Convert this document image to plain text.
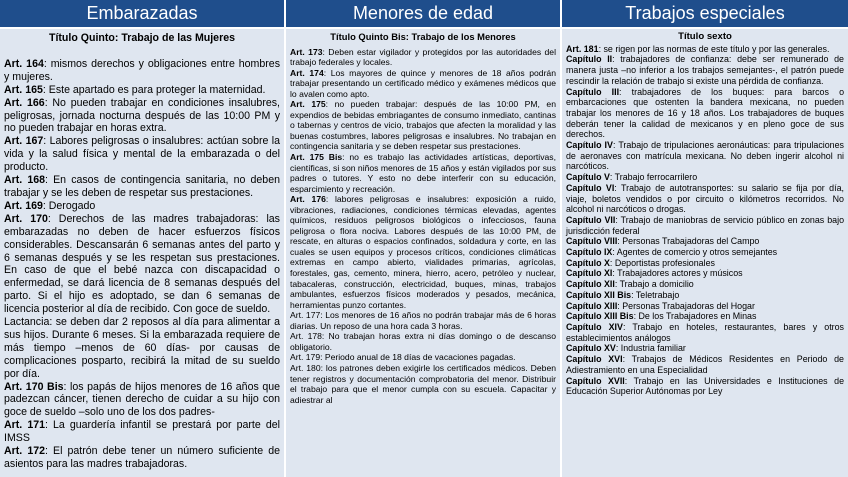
Embarazadas
Título Quinto: Trabajo de las Mujeres

Art. 164: mismos derechos y obligaciones entre hombres y mujeres.

Art. 165: Este apartado es para proteger la maternidad.

Art. 166: No pueden trabajar en condiciones insalubres, peligrosas, jornada nocturna después de las 10:00 PM y no pueden trabajar en horas extra.

Art. 167: Labores peligrosas o insalubres: actúan sobre la vida y la salud física y mental de la embarazada o del producto.

Art. 168: En casos de contingencia sanitaria, no deben trabajar y se les deben de respetar sus prestaciones.

Art. 169: Derogado

Art. 170: Derechos de las madres trabajadoras: las embarazadas no deben de hacer esfuerzos físicos considerables. Descansarán 6 semanas antes del parto y 6 semanas después y se les respetan sus prestaciones. En caso de que el bebé nazca con discapacidad o enfermedad, se dará licencia de 8 semanas después del parto. Si el hijo es adoptado, se dan 6 semanas de licencia posterior al día de recibido. Con goce de sueldo.

Lactancia: se deben dar 2 reposos al día para alimentar a sus hijos. Durante 6 meses. Si la embarazada requiere de más tiempo –menos de 60 días- por causas de complicaciones posparto, recibirá la mitad de su sueldo por día.

Art. 170 Bis: los papás de hijos menores de 16 años que padezcan cáncer, tienen derecho de cuidar a su hijo con goce de sueldo –solo uno de los dos padres-

Art. 171: La guardería infantil se prestará por parte del IMSS

Art. 172: El patrón debe tener un número suficiente de asientos para las madres trabajadoras.

Menores de edad
Título Quinto Bis: Trabajo de los Menores

Art. 173: Deben estar vigilador y protegidos por las autoridades del trabajo federales y locales.

Art. 174: Los mayores de quince y menores de 18 años podrán trabajar presentando un certificado médico y exámenes médicos que lo avalen como apto.

Art. 175: no pueden trabajar: después de las 10:00 PM, en expendios de bebidas embriagantes de consumo inmediato, cantinas o tabernas y centros de vicio, trabajos que afecten la moralidad y las buenas costumbres, labores peligrosas e insalubres. No trabajan en contingencia sanitaria y se deben respetar sus prestaciones.

Art. 175 Bis: no es trabajo las actividades artísticas, deportivas, científicas, si son niños menores de 15 años y están vigilados por sus padres o tutores. Y esto no debe interferir con su educación, esparcimiento y recreación.

Art. 176: labores peligrosas e insalubres: exposición a ruido, vibraciones, radiaciones, condiciones térmicas elevadas, agentes químicos, residuos peligrosos biológicos o infecciosos, fauna peligrosa o flora nociva. Labores después de las 10:00 PM, de rescate, en alturas o espacios confinados, soldadura y corte, en las cuales se usen equipos y procesos críticos, condiciones climáticas extremas en campo abierto, vialidades primarias, agrícolas, forestales, gas, cemento, minera, hierro, acero, petróleo y nuclear, tabacaleras, construcción, electricidad, buques, minas, trabajos ambulantes, esfuerzos físicos moderados y pesados, mecánica, herramientas punzo cortantes.

Art. 177: Los menores de 16 años no podrán trabajar más de 6 horas diarias. Un reposo de una hora cada 3 horas.

Art. 178: No trabajan horas extra ni días domingo o de descanso obligatorio.

Art. 179: Periodo anual de 18 días de vacaciones pagadas.

Art. 180: los patrones deben exigirle los certificados médicos. Deben tener registros y documentación comprobatoria del menor. Distribuir el trabajo para que el menor cumpla con su escuela. Capacitar y adiestrar al

Trabajos especiales
Título sexto

Art. 181: se rigen por las normas de este título y por las generales.

Capítulo II: trabajadores de confianza: debe ser remunerado de manera justa –no inferior a los trabajos semejantes-, el patrón puede rescindir la relación de trabajo si existe una pérdida de confianza.

Capítulo III: trabajadores de los buques: para barcos o embarcaciones que ostenten la bandera mexicana, no pueden trabajar los menores de 16 y 18 años. Los trabajadores de buques deberán tener la calidad de mexicanos y en pleno goce de sus derechos.

Capítulo IV: Trabajo de tripulaciones aeronáuticas: para tripulaciones de aeronaves con matrícula mexicana. No deben ingerir alcohol ni narcóticos.

Capítulo V: Trabajo ferrocarrilero

Capítulo VI: Trabajo de autotransportes: su salario se fija por día, viaje, boletos vendidos o por circuito o kilómetros recorridos. No alcohol ni narcóticos o drogas.

Capítulo VII: Trabajo de maniobras de servicio público en zonas bajo jurisdicción federal

Capítulo VIII: Personas Trabajadoras del Campo

Capítulo IX: Agentes de comercio y otros semejantes

Capítulo X: Deportistas profesionales

Capítulo XI: Trabajadores actores y músicos

Capítulo XII: Trabajo a domicilio

Capítulo XII Bis: Teletrabajo

Capítulo XIII: Personas Trabajadoras del Hogar

Capítulo XIII Bis: De los Trabajadores en Minas

Capítulo XIV: Trabajo en hoteles, restaurantes, bares y otros establecimientos análogos

Capítulo XV: Industria familiar

Capítulo XVI: Trabajos de Médicos Residentes en Periodo de Adiestramiento en una Especialidad

Capítulo XVII: Trabajo en las Universidades e Instituciones de Educación Superior Autónomas por Ley
